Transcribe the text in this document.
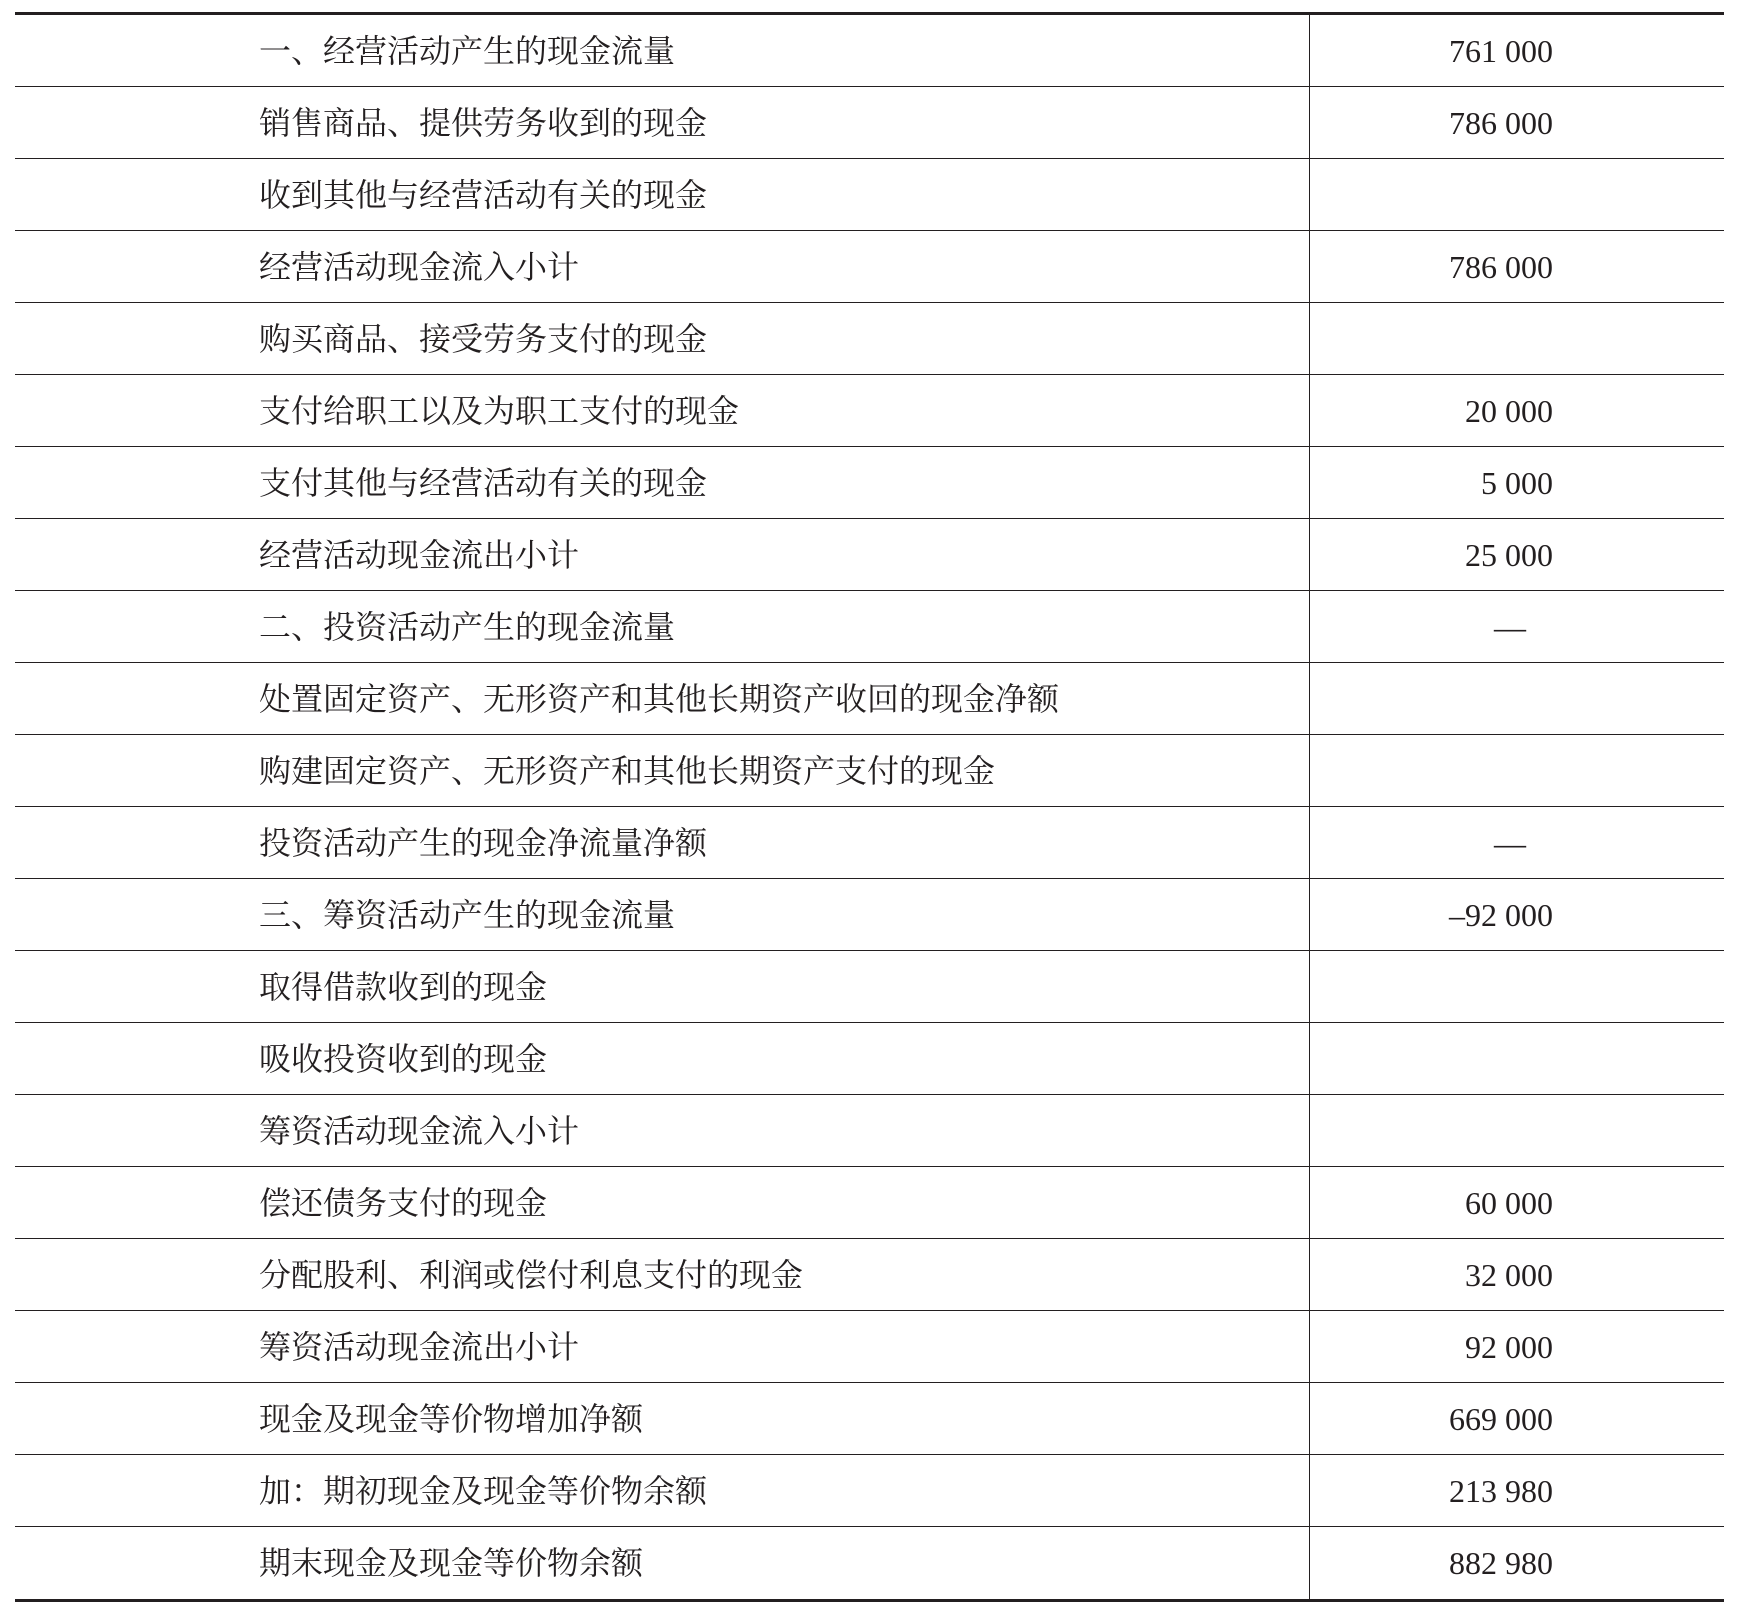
一、经营活动产生的现金流量	761 000
销售商品、提供劳务收到的现金	786 000
收到其他与经营活动有关的现金
经营活动现金流入小计	786 000
购买商品、接受劳务支付的现金
支付给职工以及为职工支付的现金	20 000
支付其他与经营活动有关的现金	5 000
经营活动现金流出小计	25 000
二、投资活动产生的现金流量	—
处置固定资产、无形资产和其他长期资产收回的现金净额
购建固定资产、无形资产和其他长期资产支付的现金
投资活动产生的现金净流量净额	—
三、筹资活动产生的现金流量	–92 000
取得借款收到的现金
吸收投资收到的现金
筹资活动现金流入小计
偿还债务支付的现金	60 000
分配股利、利润或偿付利息支付的现金	32 000
筹资活动现金流出小计	92 000
现金及现金等价物增加净额	669 000
加：期初现金及现金等价物余额	213 980
期末现金及现金等价物余额	882 980
